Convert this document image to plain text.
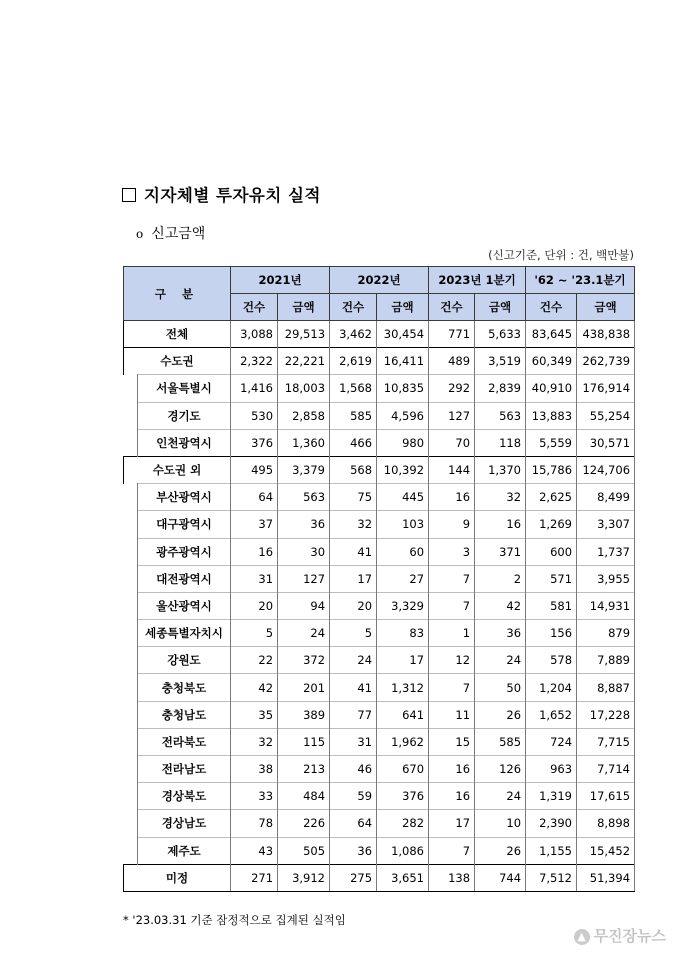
지자체별 투자유치 실적
o 신고금액
(신고기준, 단위 : 건, 백만불)
구 분		2021년		2022년		2023년 1분기		'62 ~ '23.1분기	
		건수	금액	건수	금액	건수	금액	건수	금액
전체		3,088	29,513	3,462	30,454	771	5,633	83,645	438,838
수도권		2,322	22,221	2,619	16,411	489	3,519	60,349	262,739
	서울특별시	1,416	18,003	1,568	10,835	292	2,839	40,910	176,914
	경기도	530	2,858	585	4,596	127	563	13,883	55,254
	인천광역시	376	1,360	466	980	70	118	5,559	30,571
수도권 외		495	3,379	568	10,392	144	1,370	15,786	124,706
	부산광역시	64	563	75	445	16	32	2,625	8,499
	대구광역시	37	36	32	103	9	16	1,269	3,307
	광주광역시	16	30	41	60	3	371	600	1,737
	대전광역시	31	127	17	27	7	2	571	3,955
	울산광역시	20	94	20	3,329	7	42	581	14,931
	세종특별자치시	5	24	5	83	1	36	156	879
	강원도	22	372	24	17	12	24	578	7,889
	충청북도	42	201	41	1,312	7	50	1,204	8,887
	충청남도	35	389	77	641	11	26	1,652	17,228
	전라북도	32	115	31	1,962	15	585	724	7,715
	전라남도	38	213	46	670	16	126	963	7,714
	경상북도	33	484	59	376	16	24	1,319	17,615
	경상남도	78	226	64	282	17	10	2,390	8,898
	제주도	43	505	36	1,086	7	26	1,155	15,452
미정		271	3,912	275	3,651	138	744	7,512	51,394
* '23.03.31 기준 잠정적으로 집계된 실적임
▲ 무진장뉴스
